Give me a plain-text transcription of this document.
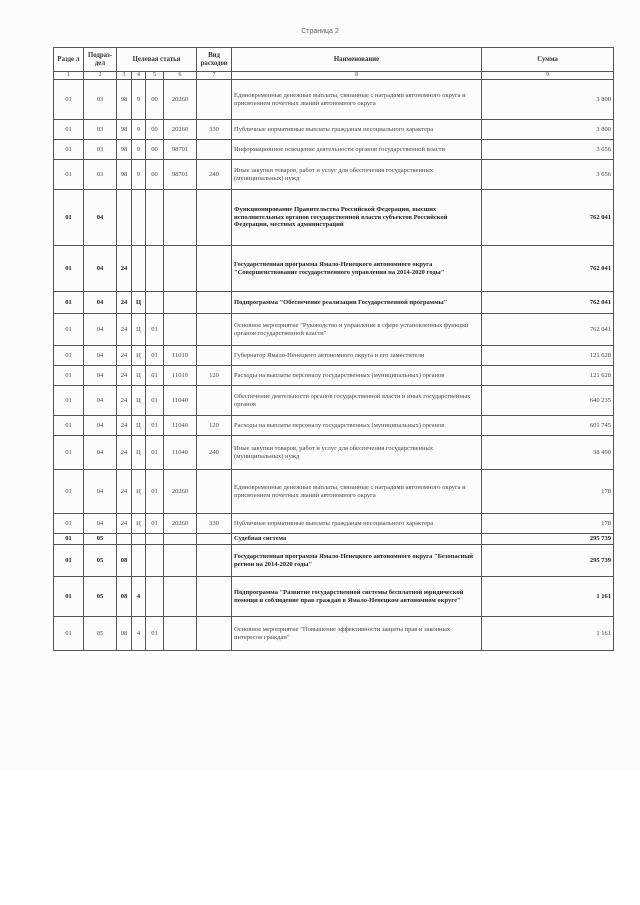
Страница 2
Разде л	Подраз- дел	Целевая статья				Вид расходов	Наименование	Сумма
1	2	3	4	5	6	7	8	9
01	03	98	9	00	20260		Единовременные денежные выплаты, связанные с наградами автономного округа и присвоением почетных званий автономного округа	3 800
01	03	98	9	00	20260	330	Публичные нормативные выплаты гражданам несоциального характера	3 800
01	03	98	9	00	98701		Информационное освещение деятельности органов государственной власти	3 656
01	03	98	9	00	98701	240	Иные закупки товаров, работ и услуг для обеспечения государственных (муниципальных) нужд	3 656
01	04						Функционирование Правительства Российской Федерации, высших исполнительных органов государственной власти субъектов Российской Федерации, местных администраций	762 041
01	04	24					Государственная программа Ямало-Ненецкого автономного округа "Совершенствование государственного управления на 2014-2020 годы"	762 041
01	04	24	Ц				Подпрограмма "Обеспечение реализации Государственной программы"	762 041
01	04	24	Ц	01			Основное мероприятие "Руководство и управление в сфере установленных функций органов государственной власти"	762 041
01	04	24	Ц	01	11010		Губернатор Ямало-Ненецкого автономного округа и его заместители	121 628
01	04	24	Ц	01	11010	120	Расходы на выплаты персоналу государственных (муниципальных) органов	121 628
01	04	24	Ц	01	11040		Обеспечение деятельности органов государственной власти и иных государственных органов	640 235
01	04	24	Ц	01	11040	120	Расходы на выплаты персоналу государственных (муниципальных) органов	601 745
01	04	24	Ц	01	11040	240	Иные закупки товаров, работ и услуг для обеспечения государственных (муниципальных) нужд	38 490
01	04	24	Ц	01	20260		Единовременные денежные выплаты, связанные с наградами автономного округа и присвоением почетных званий автономного округа	178
01	04	24	Ц	01	20260	330	Публичные нормативные выплаты гражданам несоциального характера	178
01	05						Судебная система	295 739
01	05	08					Государственная программа Ямало-Ненецкого автономного округа "Безопасный регион на 2014-2020 годы"	295 739
01	05	08	4				Подпрограмма "Развитие государственной системы бесплатной юридической помощи и соблюдение прав граждан в Ямало-Ненецком автономном округе"	1 161
01	05	08	4	01			Основное мероприятие "Повышение эффективности защиты прав и законных интересов граждан"	1 161
